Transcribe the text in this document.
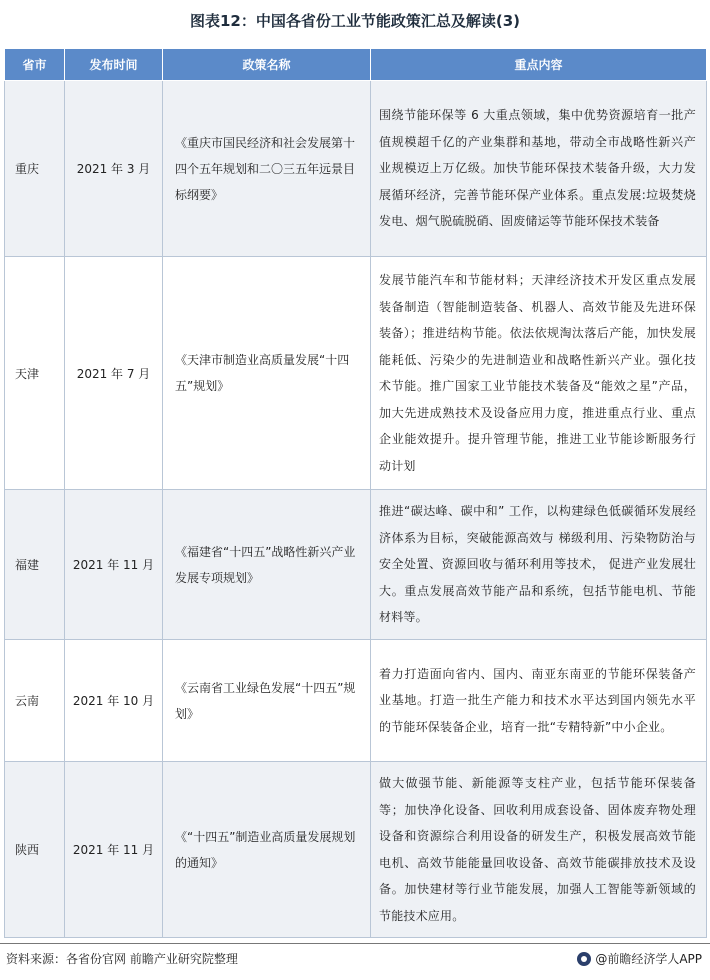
图表12：中国各省份工业节能政策汇总及解读(3)
省市	发布时间	政策名称	重点内容
重庆	2021 年 3 月	《重庆市国民经济和社会发展第十四个五年规划和二〇三五年远景目标纲要》	围绕节能环保等 6 大重点领域，集中优势资源培育一批产值规模超千亿的产业集群和基地，带动全市战略性新兴产业规模迈上万亿级。加快节能环保技术装备升级，大力发展循环经济，完善节能环保产业体系。重点发展:垃圾焚烧发电、烟气脱硫脱硝、固废储运等节能环保技术装备
天津	2021 年 7 月	《天津市制造业高质量发展“十四五”规划》	发展节能汽车和节能材料；天津经济技术开发区重点发展装备制造（智能制造装备、机器人、高效节能及先进环保装备）；推进结构节能。依法依规淘汰落后产能，加快发展能耗低、污染少的先进制造业和战略性新兴产业。强化技术节能。推广国家工业节能技术装备及“能效之星”产品，加大先进成熟技术及设备应用力度，推进重点行业、重点企业能效提升。提升管理节能，推进工业节能诊断服务行动计划
福建	2021 年 11 月	《福建省“十四五”战略性新兴产业发展专项规划》	推进“碳达峰、碳中和” 工作，以构建绿色低碳循环发展经济体系为目标，突破能源高效与 梯级利用、污染物防治与安全处置、资源回收与循环利用等技术， 促进产业发展壮大。重点发展高效节能产品和系统，包括节能电机、节能材料等。
云南	2021 年 10 月	《云南省工业绿色发展“十四五”规划》	着力打造面向省内、国内、南亚东南亚的节能环保装备产业基地。打造一批生产能力和技术水平达到国内领先水平的节能环保装备企业，培育一批“专精特新”中小企业。
陕西	2021 年 11 月	《“十四五”制造业高质量发展规划的通知》	做大做强节能、新能源等支柱产业，包括节能环保装备等；加快净化设备、回收利用成套设备、固体废弃物处理设备和资源综合利用设备的研发生产，积极发展高效节能电机、高效节能能量回收设备、高效节能碳排放技术及设备。加快建材等行业节能发展，加强人工智能等新领域的节能技术应用。
资料来源：各省份官网 前瞻产业研究院整理	@前瞻经济学人APP
